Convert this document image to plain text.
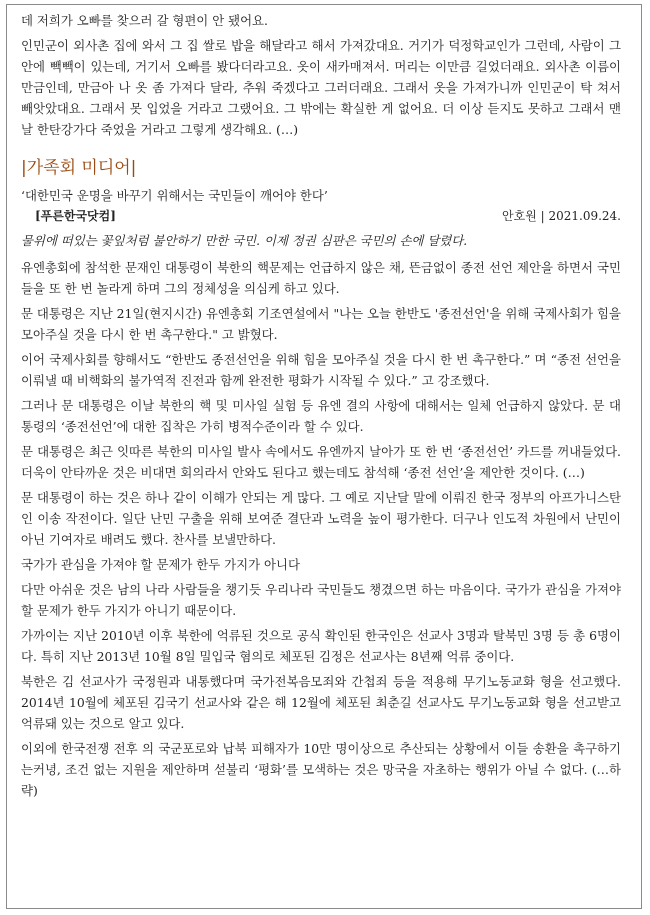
데 저희가 오빠를 찾으러 갈 형편이 안 됐어요.

인민군이 외사촌 집에 와서 그 집 쌀로 밥을 해달라고 해서 가져갔대요. 거기가 덕정학교인가 그런데, 사람이 그 안에 빽빽이 있는데, 거기서 오빠를 봤다더라고요. 옷이 새카매져서. 머리는 이만큼 길었더래요. 외사촌 이름이 만금인데, 만금아 나 옷 좀 가져다 달라, 추워 죽겠다고 그러더래요. 그래서 옷을 가져가니까 인민군이 탁 쳐서 빼앗았대요. 그래서 못 입었을 거라고 그랬어요. 그 밖에는 확실한 게 없어요. 더 이상 듣지도 못하고 그래서 맨날 한탄강가다 죽었을 거라고 그렇게 생각해요. (…)

|가족회 미디어|

‘대한민국 운명을 바꾸기 위해서는 국민들이 깨어야 한다’

[푸른한국닷컴]	안호원 | 2021.09.24.

물위에 떠있는 꽃잎처럼 불안하기 만한 국민. 이제 정권 심판은 국민의 손에 달렸다.

유엔총회에 참석한 문재인 대통령이 북한의 핵문제는 언급하지 않은 채, 뜬금없이 종전 선언 제안을 하면서 국민들을 또 한 번 놀라게 하며 그의 정체성을 의심케 하고 있다.

문 대통령은 지난 21일(현지시간) 유엔총회 기조연설에서 "나는 오늘 한반도 '종전선언'을 위해 국제사회가 힘을 모아주실 것을 다시 한 번 촉구한다." 고 밝혔다.

이어 국제사회를 향해서도 “한반도 종전선언을 위해 힘을 모아주실 것을 다시 한 번 촉구한다.” 며 “종전 선언을 이뤄낼 때 비핵화의 불가역적 진전과 함께 완전한 평화가 시작될 수 있다.” 고 강조했다.

그러나 문 대통령은 이날 북한의 핵 및 미사일 실험 등 유엔 결의 사항에 대해서는 일체 언급하지 않았다. 문 대통령의 ‘종전선언’에 대한 집착은 가히 병적수준이라 할 수 있다.

문 대통령은 최근 잇따른 북한의 미사일 발사 속에서도 유엔까지 날아가 또 한 번 ‘종전선언’ 카드를 꺼내들었다. 더욱이 안타까운 것은 비대면 회의라서 안와도 된다고 했는데도 참석해 ‘종전 선언’을 제안한 것이다. (…)

문 대통령이 하는 것은 하나 같이 이해가 안되는 게 많다. 그 예로 지난달 말에 이뤄진 한국 정부의 아프가니스탄인 이송 작전이다. 일단 난민 구출을 위해 보여준 결단과 노력을 높이 평가한다. 더구나 인도적 차원에서 난민이 아닌 기여자로 배려도 했다. 찬사를 보낼만하다.

국가가 관심을 가져야 할 문제가 한두 가지가 아니다

다만 아쉬운 것은 남의 나라 사람들을 챙기듯 우리나라 국민들도 챙겼으면 하는 마음이다. 국가가 관심을 가져야 할 문제가 한두 가지가 아니기 때문이다.

가까이는 지난 2010년 이후 북한에 억류된 것으로 공식 확인된 한국인은 선교사 3명과 탈북민 3명 등 총 6명이다. 특히 지난 2013년 10월 8일 밀입국 혐의로 체포된 김정은 선교사는 8년째 억류 중이다.

북한은 김 선교사가 국정원과 내통했다며 국가전복음모죄와 간첩죄 등을 적용해 무기노동교화 형을 선고했다. 2014년 10월에 체포된 김국기 선교사와 같은 해 12월에 체포된 최춘길 선교사도 무기노동교화 형을 선고받고 억류돼 있는 것으로 알고 있다.

이외에 한국전쟁 전후 의 국군포로와 납북 피해자가 10만 명이상으로 추산되는 상황에서 이들 송환을 촉구하기는커녕, 조건 없는 지원을 제안하며 섣불리 ‘평화’를 모색하는 것은 망국을 자초하는 행위가 아닐 수 없다. (…하략)
